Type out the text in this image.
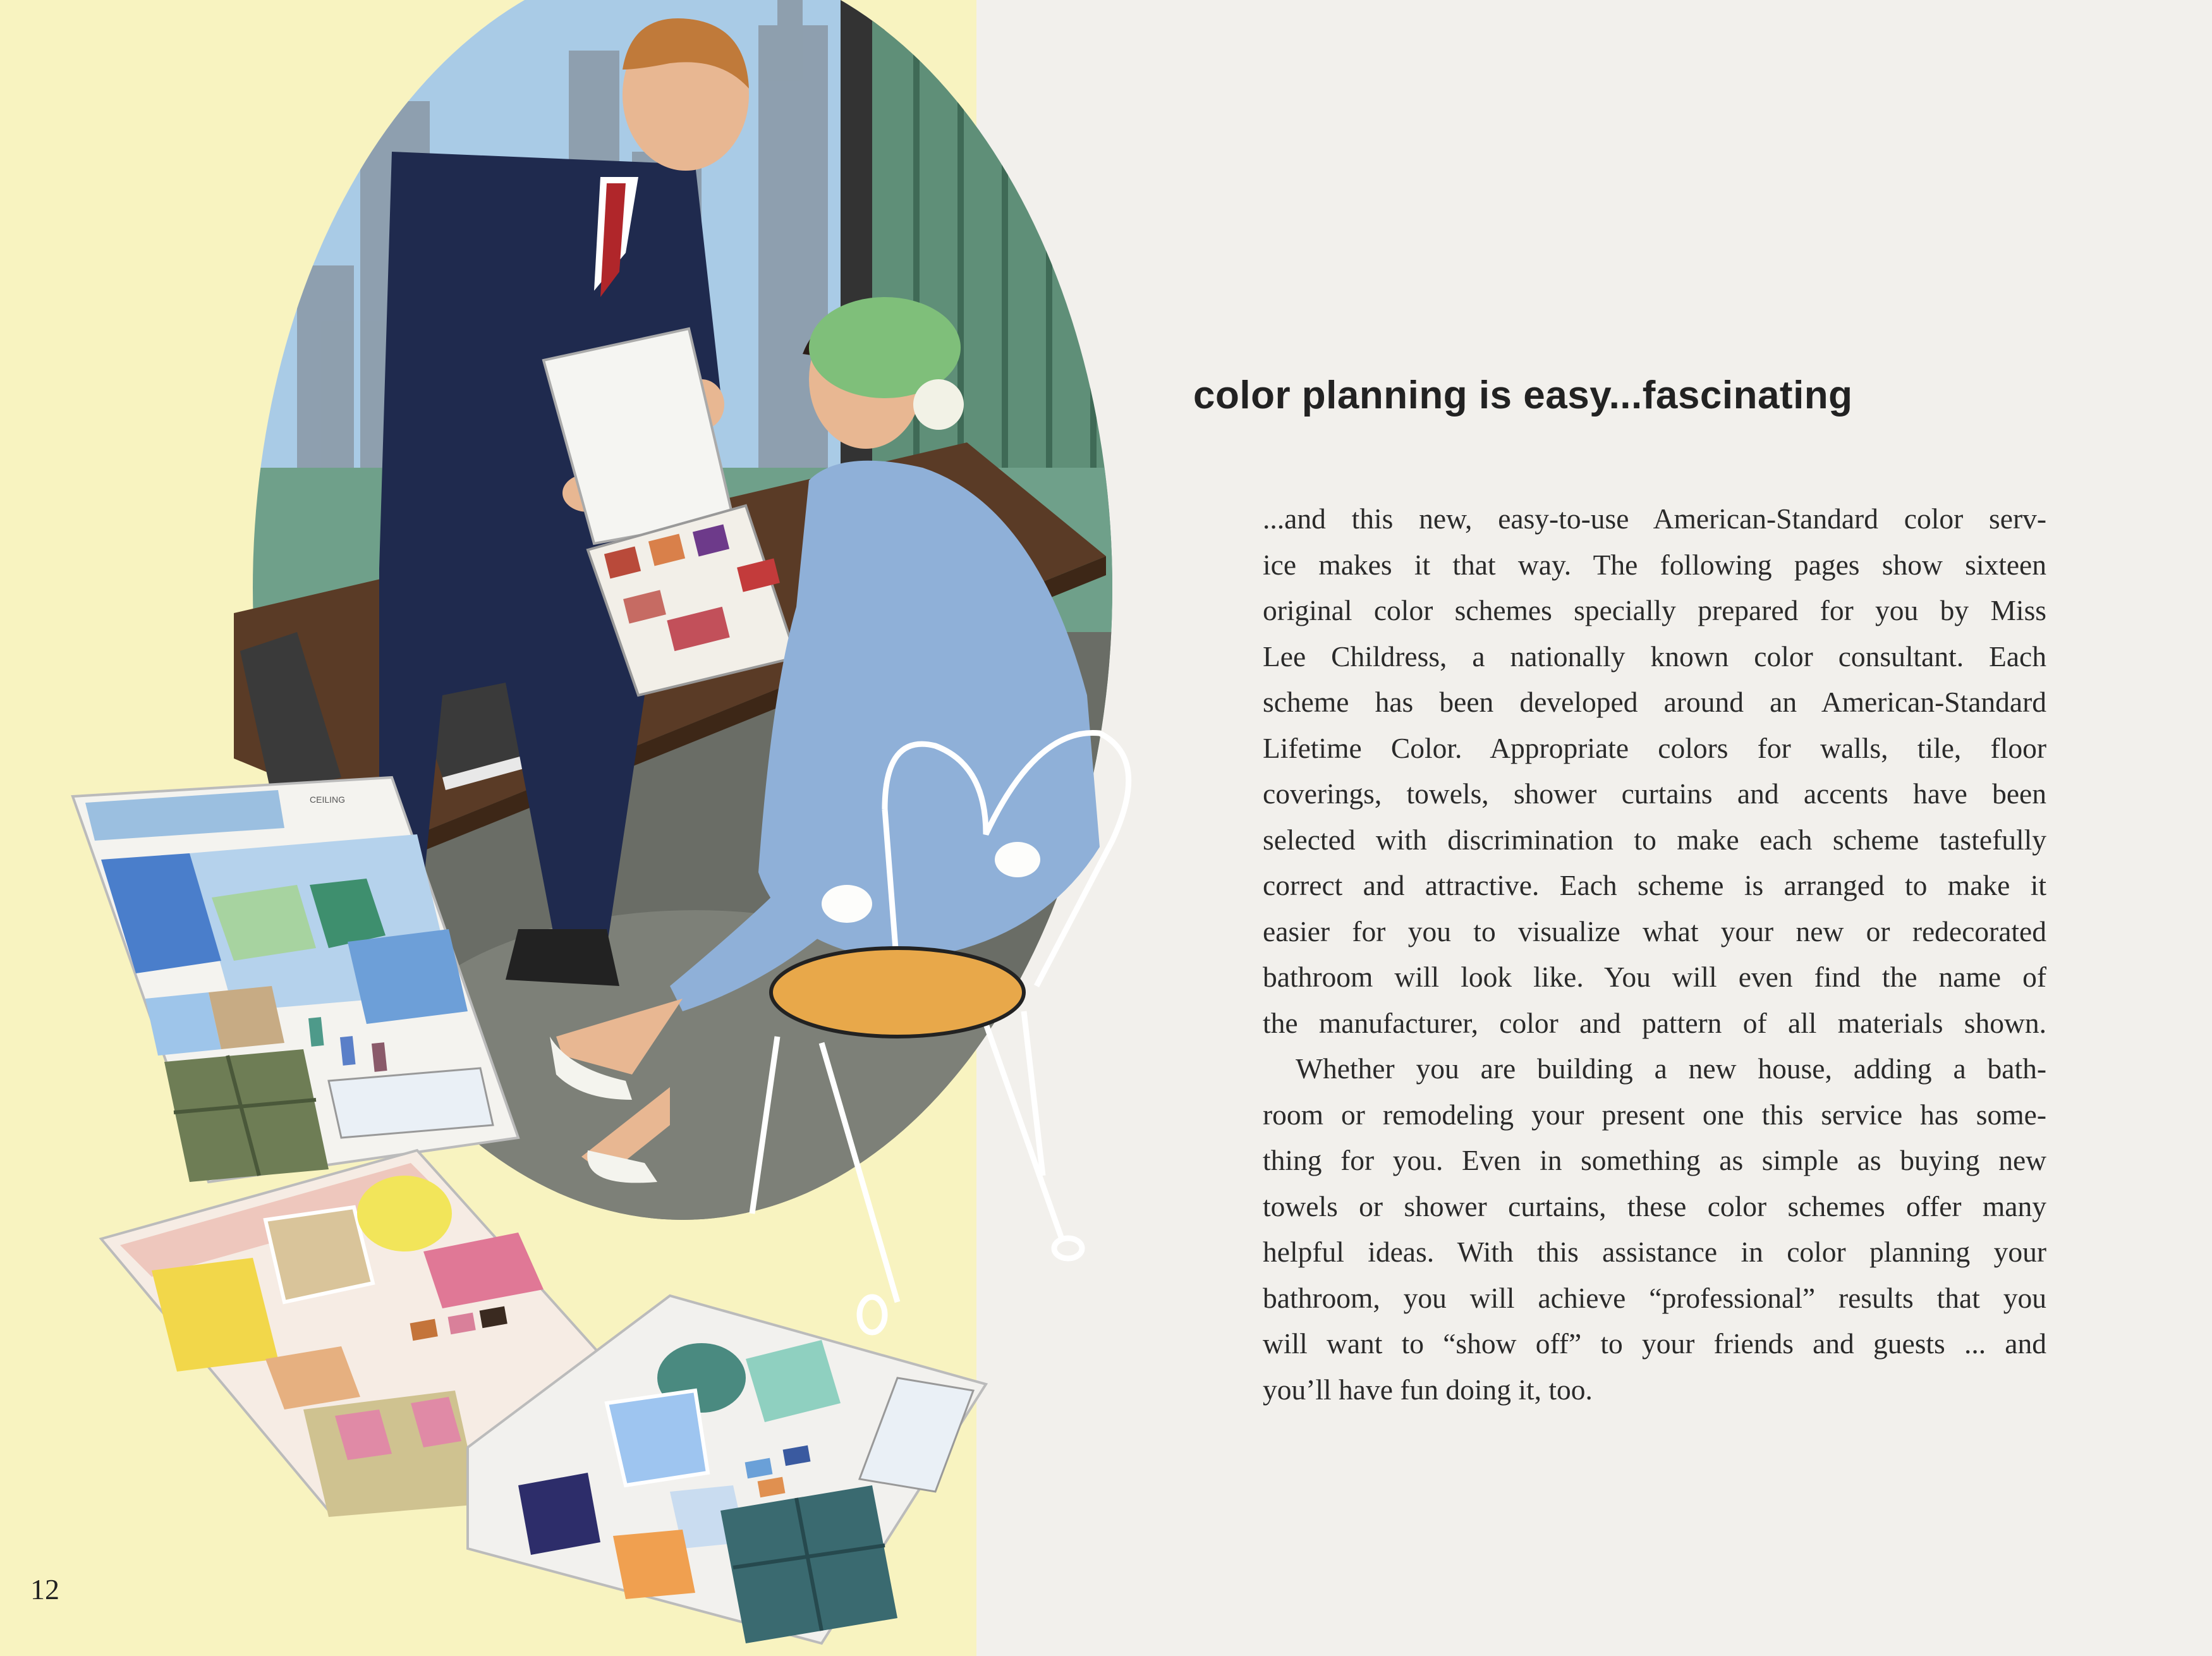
CEILING
12
color planning is easy...fascinating
...and this new, easy-to-use American-Standard color serv-
ice makes it that way. The following pages show sixteen
original color schemes specially prepared for you by Miss
Lee Childress, a nationally known color consultant. Each
scheme has been developed around an American-Standard
Lifetime Color. Appropriate colors for walls, tile, floor
coverings, towels, shower curtains and accents have been
selected with discrimination to make each scheme tastefully
correct and attractive. Each scheme is arranged to make it
easier for you to visualize what your new or redecorated
bathroom will look like. You will even find the name of
the manufacturer, color and pattern of all materials shown.
Whether you are building a new house, adding a bath-
room or remodeling your present one this service has some-
thing for you. Even in something as simple as buying new
towels or shower curtains, these color schemes offer many
helpful ideas. With this assistance in color planning your
bathroom, you will achieve “professional” results that you
will want to “show off” to your friends and guests ... and
you’ll have fun doing it, too.
